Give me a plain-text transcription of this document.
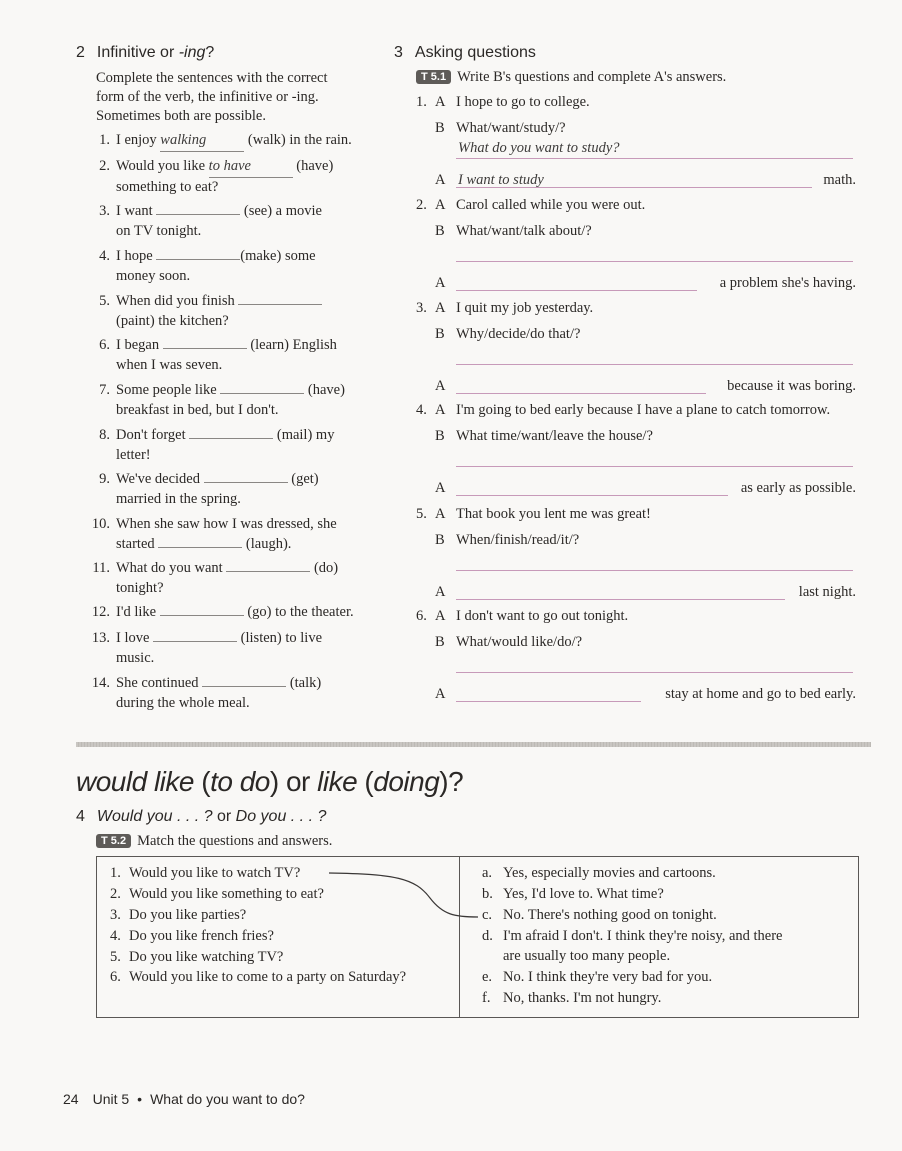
2 Infinitive or -ing?
Complete the sentences with the correct
form of the verb, the infinitive or -ing.
Sometimes both are possible.
1. I enjoy walking	(walk) in the rain.
2. Would you like to have	(have)
something to eat?
3. I want	(see) a movie
on TV tonight.
4. I hope	(make) some
money soon.
5. When did you finish
(paint) the kitchen?
6. I began	(learn) English
when I was seven.
7. Some people like	(have)
breakfast in bed, but I don't.
8. Don't forget	(mail) my
letter!
9. We've decided	(get)
married in the spring.
10. When she saw how I was dressed, she
started	(laugh).
11. What do you want	(do)
tonight?
12. I'd like	(go) to the theater.
13. I love	(listen) to live
music.
14. She continued	(talk)
during the whole meal.
3 Asking questions
T 5.1 Write B's questions and complete A's answers.
1. A I hope to go to college.
B What/want/study/?
What do you want to study?
A	math.
I want to study
2. A Carol called while you were out.
B What/want/talk about/?
A	a problem she's having.
3. A I quit my job yesterday.
B Why/decide/do that/?
A	because it was boring.
4. A I'm going to bed early because I have a plane to catch tomorrow.
B What time/want/leave the house/?
A	as early as possible.
5. A That book you lent me was great!
B When/finish/read/it/?
A	last night.
6. A I don't want to go out tonight.
B What/would like/do/?
A	stay at home and go to bed early.
would like (to do) or like (doing)?
4 Would you . . . ? or Do you . . . ?
T 5.2 Match the questions and answers.
1. Would you like to watch TV?
2. Would you like something to eat?
3. Do you like parties?
4. Do you like french fries?
5. Do you like watching TV?
6. Would you like to come to a party on Saturday?
a. Yes, especially movies and cartoons.
b. Yes, I'd love to. What time?
c. No. There's nothing good on tonight.
d. I'm afraid I don't. I think they're noisy, and there
are usually too many people.
e. No. I think they're very bad for you.
f. No, thanks. I'm not hungry.
24 Unit 5 • What do you want to do?
